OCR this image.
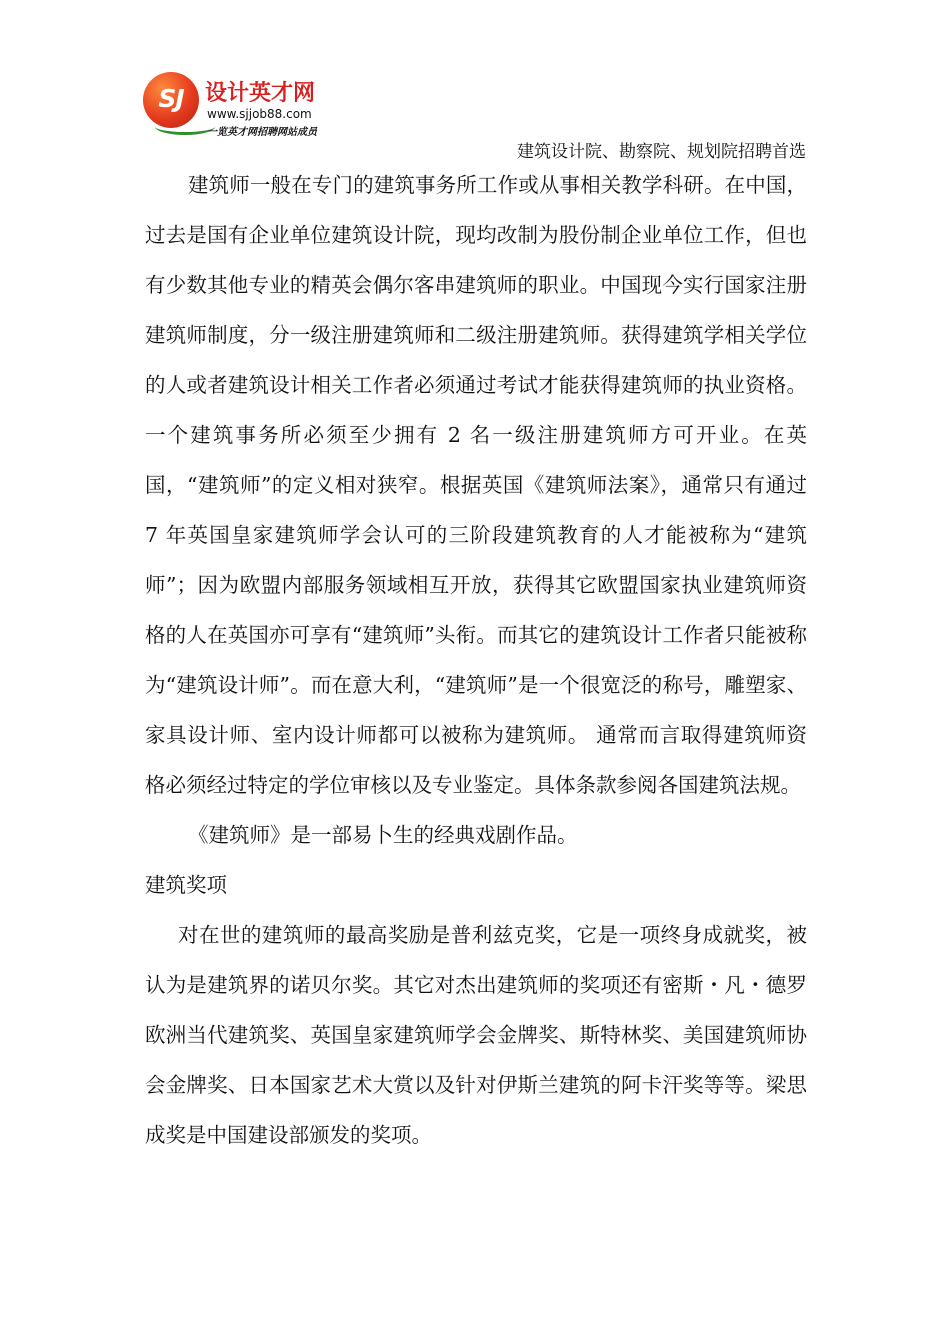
SJ 设计英才网
www.sjjob88.com
一览英才网招聘网站成员
建筑设计院、勘察院、规划院招聘首选

建筑师一般在专门的建筑事务所工作或从事相关教学科研。在中国，过去是国有企业单位建筑设计院，现均改制为股份制企业单位工作，但也有少数其他专业的精英会偶尔客串建筑师的职业。中国现今实行国家注册建筑师制度，分一级注册建筑师和二级注册建筑师。获得建筑学相关学位的人或者建筑设计相关工作者必须通过考试才能获得建筑师的执业资格。一个建筑事务所必须至少拥有 2 名一级注册建筑师方可开业。在英国，“建筑师”的定义相对狭窄。根据英国《建筑师法案》，通常只有通过 7 年英国皇家建筑师学会认可的三阶段建筑教育的人才能被称为“建筑师”；因为欧盟内部服务领域相互开放，获得其它欧盟国家执业建筑师资格的人在英国亦可享有“建筑师”头衔。而其它的建筑设计工作者只能被称为“建筑设计师”。而在意大利，“建筑师”是一个很宽泛的称号，雕塑家、家具设计师、室内设计师都可以被称为建筑师。 通常而言取得建筑师资格必须经过特定的学位审核以及专业鉴定。具体条款参阅各国建筑法规。

《建筑师》是一部易卜生的经典戏剧作品。

建筑奖项

对在世的建筑师的最高奖励是普利兹克奖，它是一项终身成就奖，被认为是建筑界的诺贝尔奖。其它对杰出建筑师的奖项还有密斯・凡・德罗欧洲当代建筑奖、英国皇家建筑师学会金牌奖、斯特林奖、美国建筑师协会金牌奖、日本国家艺术大赏以及针对伊斯兰建筑的阿卡汗奖等等。梁思成奖是中国建设部颁发的奖项。
